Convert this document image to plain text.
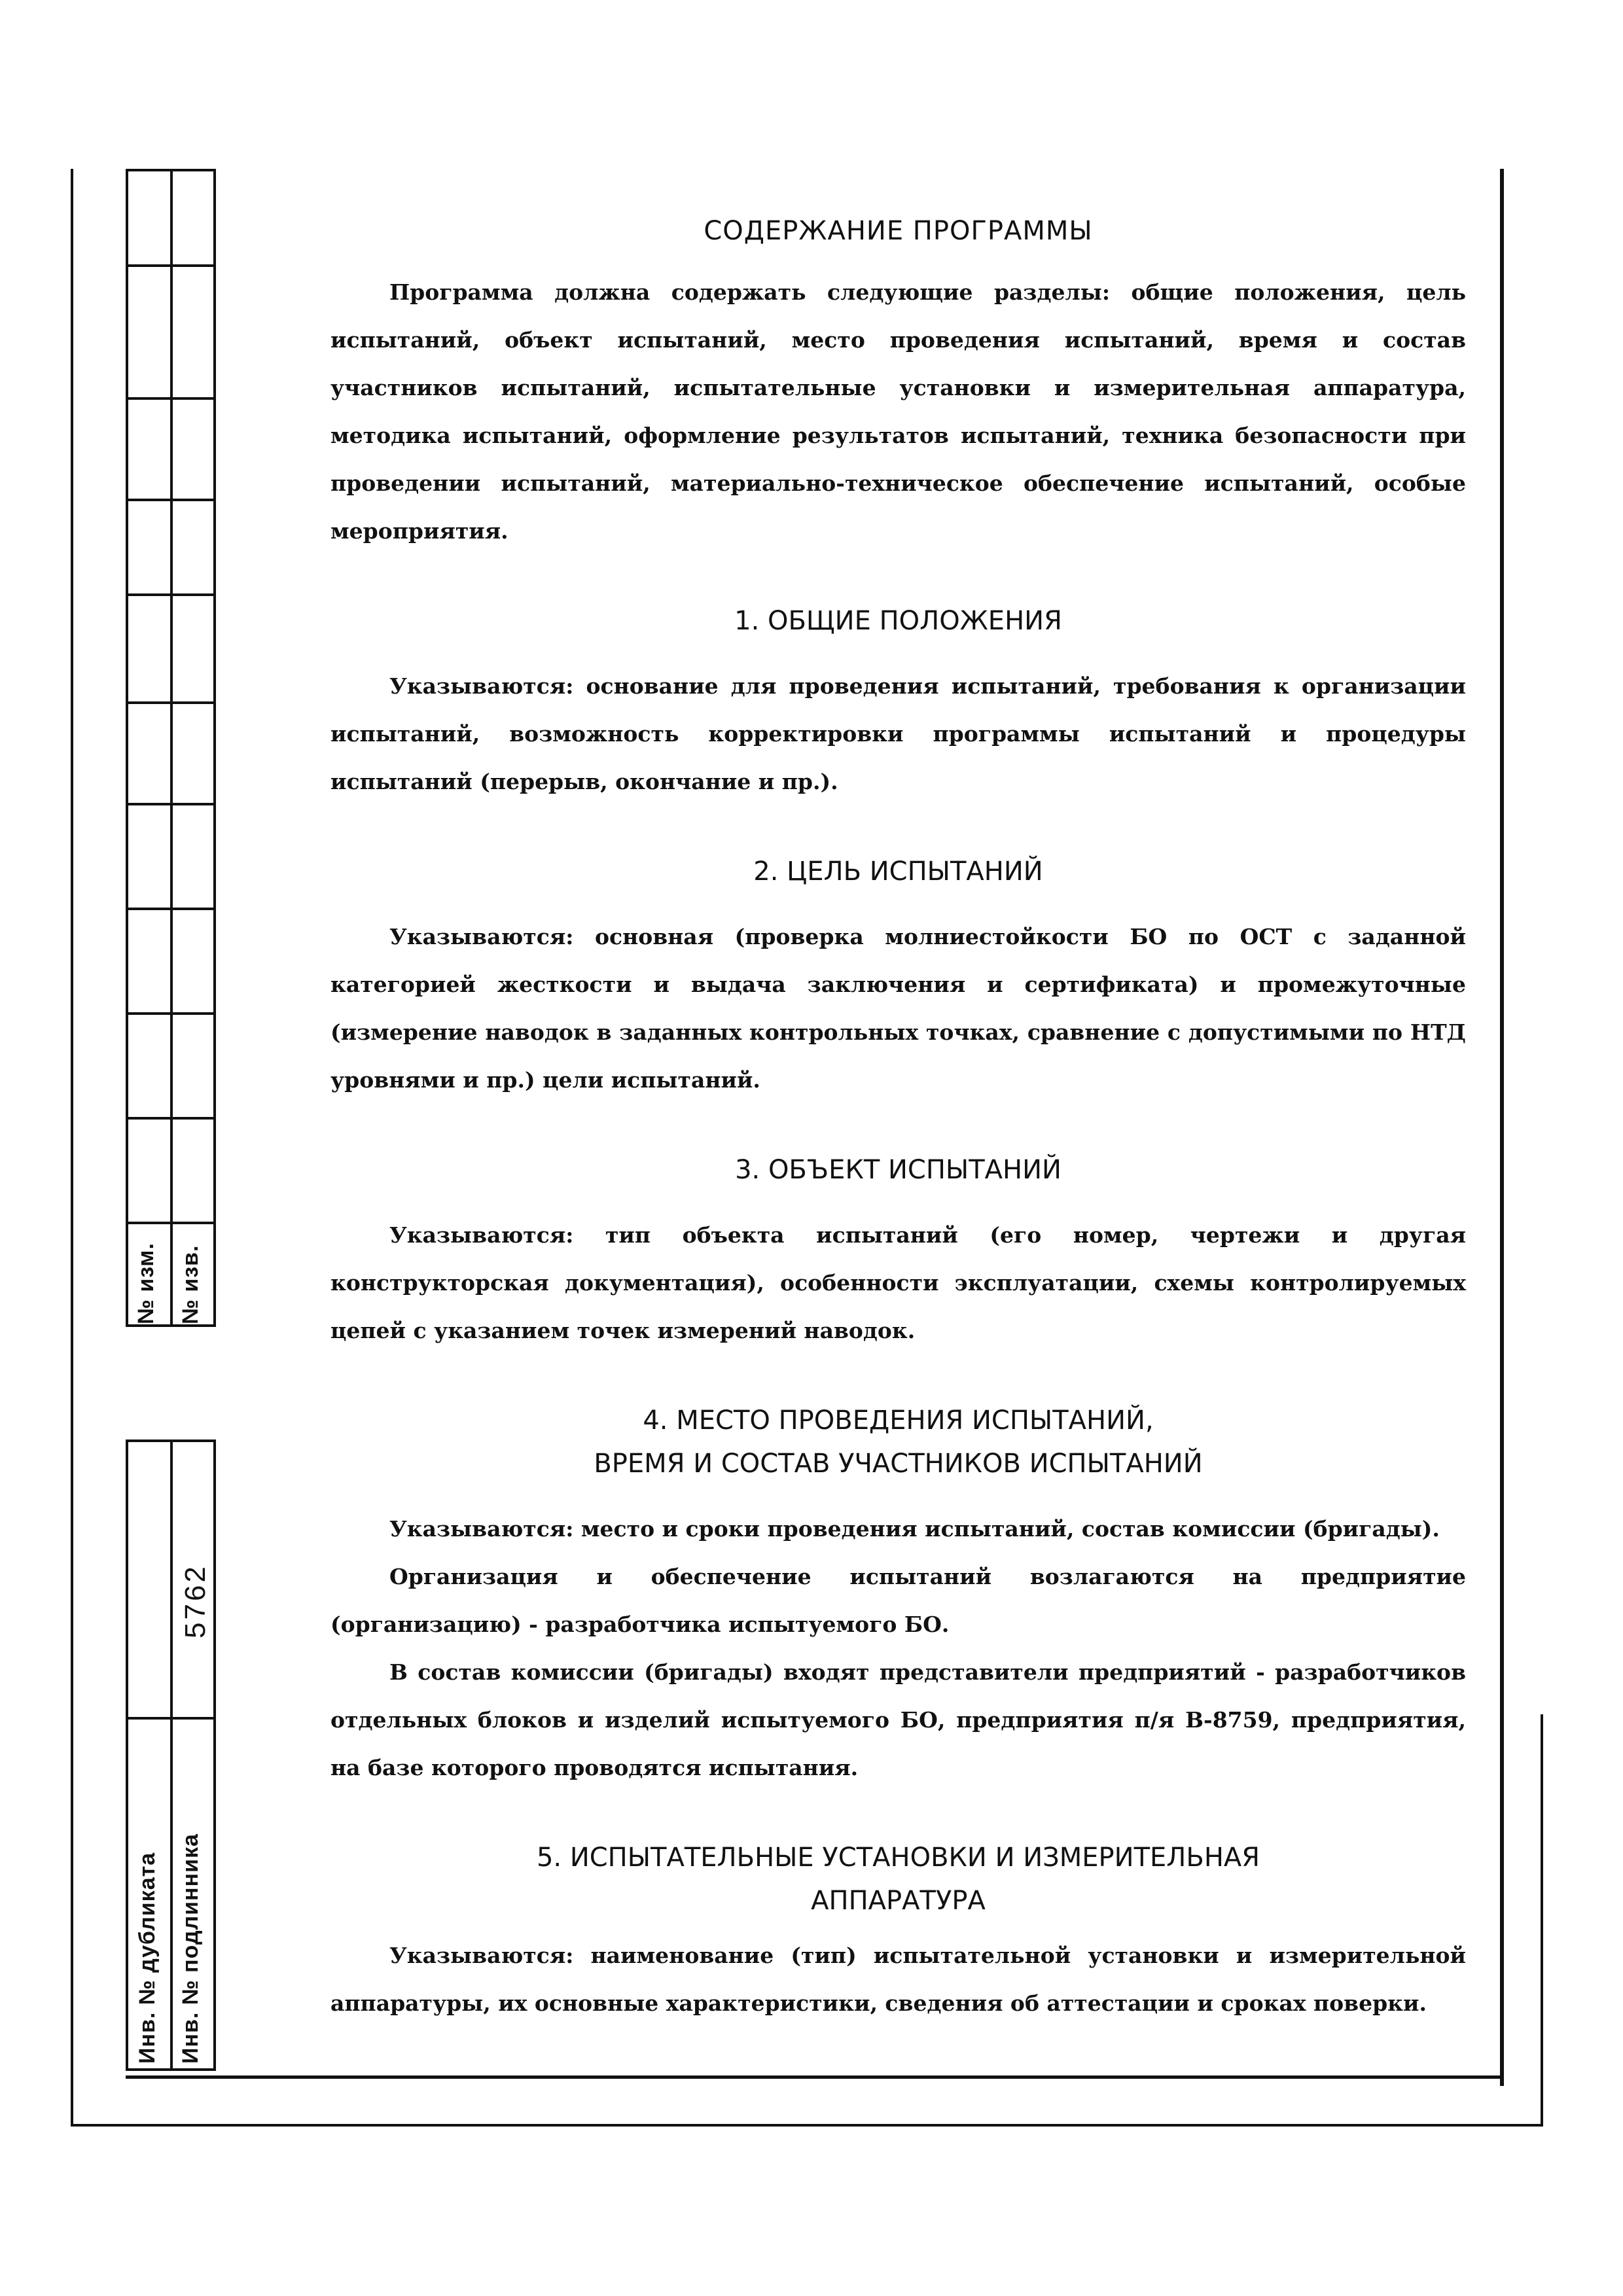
№ изм. № изв.
5762
Инв. № дубликата Инв. № подлинника
СОДЕРЖАНИЕ ПРОГРАММЫ

Программа должна содержать следующие разделы: общие положения, цель испытаний, объект испытаний, место проведения испытаний, время и состав участников испытаний, испытательные установки и измерительная аппаратура, методика испытаний, оформление результатов испытаний, техника безопасности при проведении испытаний, материально-техническое обеспечение испытаний, особые мероприятия.

1. ОБЩИЕ ПОЛОЖЕНИЯ

Указываются: основание для проведения испытаний, требования к организации испытаний, возможность корректировки программы испытаний и процедуры испытаний (перерыв, окончание и пр.).

2. ЦЕЛЬ ИСПЫТАНИЙ

Указываются: основная (проверка молниестойкости БО по ОСТ с заданной категорией жесткости и выдача заключения и сертификата) и промежуточные (измерение наводок в заданных контрольных точках, сравнение с допустимыми по НТД уровнями и пр.) цели испытаний.

3. ОБЪЕКТ ИСПЫТАНИЙ

Указываются: тип объекта испытаний (его номер, чертежи и другая конструкторская документация), особенности эксплуатации, схемы контролируемых цепей с указанием точек измерений наводок.

4. МЕСТО ПРОВЕДЕНИЯ ИСПЫТАНИЙ,
ВРЕМЯ И СОСТАВ УЧАСТНИКОВ ИСПЫТАНИЙ

Указываются: место и сроки проведения испытаний, состав комиссии (бригады).

Организация и обеспечение испытаний возлагаются на предприятие (организацию) - разработчика испытуемого БО.

В состав комиссии (бригады) входят представители предприятий - разработчиков отдельных блоков и изделий испытуемого БО, предприятия п/я В-8759, предприятия, на базе которого проводятся испытания.

5. ИСПЫТАТЕЛЬНЫЕ УСТАНОВКИ И ИЗМЕРИТЕЛЬНАЯ
АППАРАТУРА

Указываются: наименование (тип) испытательной установки и измерительной аппаратуры, их основные характеристики, сведения об аттестации и сроках поверки.
